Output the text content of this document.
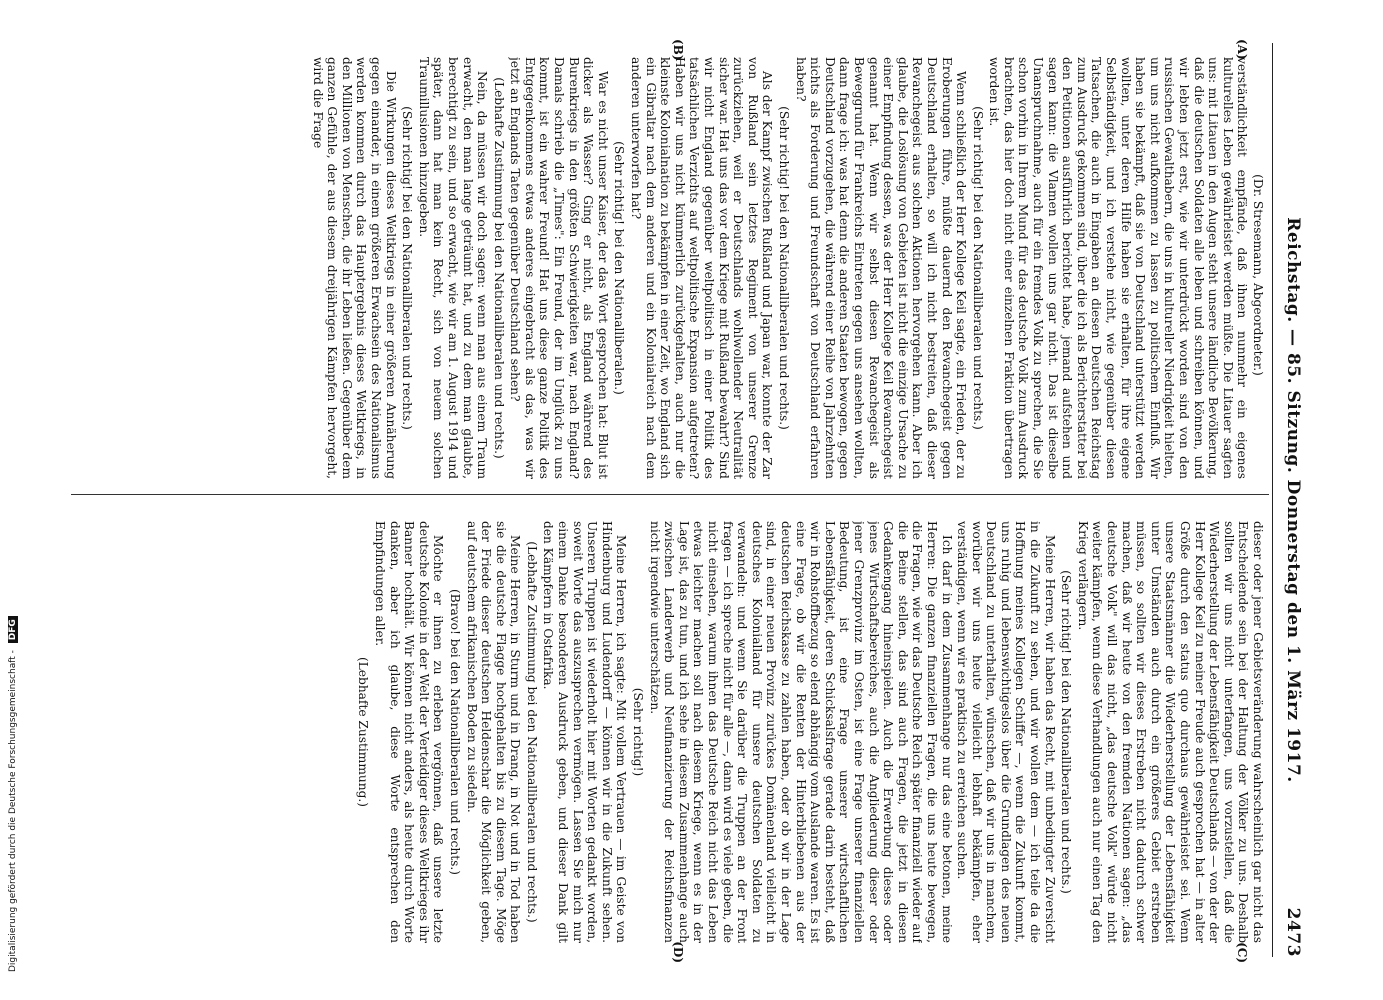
Reichstag. — 85. Sitzung. Donnerstag den 1. März 1917.
2473
(A)
(B)
(C)
(D)

(Dr. Stresemann, Abgeordneter.)

verständlichkeit empfände, daß ihnen nunmehr ein eigenes kulturelles Leben gewährleistet werden müßte. Die Litauer sagten uns: mit Litauen in den Augen steht unsere ländliche Bevölkerung, daß die deutschen Soldaten alle leben und schreiben können, und wir lebten jetzt erst, wie wir unterdrückt worden sind von den russischen Gewalthabern, die uns in kultureller Niedrigkeit hielten, um uns nicht aufkommen zu lassen zu politischem Einfluß. Wir haben sie bekämpft, daß sie von Deutschland unterstützt werden wollten, unter deren Hilfe haben sie erhalten, für ihre eigene Selbständigkeit, und ich verstehe nicht, wie gegenüber diesen Tatsachen, die auch in Eingaben an diesen Deutschen Reichstag zum Ausdruck gekommen sind, über die ich als Berichterstatter bei den Petitionen ausführlich berichtet habe, jemand aufstehen und sagen kann: die Vlamen wollen uns gar nicht. Das ist dieselbe Unanspruchnahme, auch für ein fremdes Volk zu sprechen, die Sie schon vorhin in Ihrem Mund für das deutsche Volk zum Ausdruck brachten, das hier doch nicht einer einzelnen Fraktion übertragen worden ist.

(Sehr richtig! bei den Nationalliberalen und rechts.)

Wenn schließlich der Herr Kollege Keil sagte, ein Frieden, der zu Eroberungen führe, müßte dauernd den Revanchegeist gegen Deutschland erhalten, so will ich nicht bestreiten, daß dieser Revanchegeist aus solchen Aktionen hervorgehen kann. Aber ich glaube, die Loslösung von Gebieten ist nicht die einzige Ursache zu einer Empfindung dessen, was der Herr Kollege Keil Revanchegeist genannt hat. Wenn wir selbst diesen Revanchegeist als Beweggrund für Frankreichs Eintreten gegen uns ansehen wollten, dann frage ich: was hat denn die anderen Staaten bewogen, gegen Deutschland vorzugehen, die während einer Reihe von Jahrzehnten nichts als Forderung und Freundschaft von Deutschland erfahren haben?

(Sehr richtig! bei den Nationalliberalen und rechts.)

Als der Kampf zwischen Rußland und Japan war, konnte der Zar von Rußland sein letztes Regiment von unserer Grenze zurückziehen, weil er Deutschlands wohlwollender Neutralität sicher war. Hat uns das vor dem Kriege mit Rußland bewahrt? Sind wir nicht England gegenüber weltpolitisch in einer Politik des tatsächlichen Verzichts auf weltpolitische Expansion aufgetreten? Haben wir uns nicht kümmerlich zurückgehalten, auch nur die kleinste Kolonialnation zu bekämpfen in einer Zeit, wo England sich ein Gibraltar nach dem anderen und ein Kolonialreich nach dem anderen unterworfen hat?

(Sehr richtig! bei den Nationalliberalen.)

War es nicht unser Kaiser, der das Wort gesprochen hat: Blut ist dicker als Wasser? Ging er nicht, als England während des Burenkriegs in den größten Schwierigkeiten war, nach England? Damals schrieb die „Times": Ein Freund, der im Unglück zu uns kommt, ist ein wahrer Freund! Hat uns diese ganze Politik des Entgegenkommens etwas anderes eingebracht als das, was wir jetzt an Englands Taten gegenüber Deutschland sehen?

(Lebhafte Zustimmung bei den Nationalliberalen und rechts.)

Nein, da müssen wir doch sagen: wenn man aus einem Traum erwacht, den man lange geträumt hat, und zu dem man glaubte, berechtigt zu sein, und so erwacht, wie wir am 1. August 1914 und später, dann hat man kein Recht, sich von neuem solchen Traumillusionen hinzugeben.

(Sehr richtig! bei den Nationalliberalen und rechts.)

Die Wirkungen dieses Weltkriegs in einer größeren Annäherung gegen einander, in einem größeren Erwachsein des Nationalismus werden kommen durch das Hauptergebnis dieses Weltkriegs, in den Millionen von Menschen, die ihr Leben ließen. Gegenüber dem ganzen Gefühle, der aus diesem dreijährigen Kämpfen hervorgeht, wird die Frage

dieser oder jener Gebietsveränderung wahrscheinlich gar nicht das Entscheidende sein bei der Haltung der Völker zu uns. Deshalb sollten wir uns nicht unterfangen, uns vorzustellen, daß die Wiederherstellung der Lebensfähigkeit Deutschlands — von der der Herr Kollege Keil zu meiner Freude auch gesprochen hat — in alter Größe durch den status quo durchaus gewährleistet sei. Wenn unsere Staatsmänner die Wiederherstellung der Lebensfähigkeit unter Umständen auch durch ein größeres Gebiet erstreben müssen, so sollten wir dieses Erstreben nicht dadurch schwer machen, daß wir heute von den fremden Nationen sagen: „das deutsche Volk" will das nicht, „das deutsche Volk" würde nicht weiter kämpfen, wenn diese Verhandlungen auch nur einen Tag den Krieg verlängern.

(Sehr richtig! bei den Nationalliberalen und rechts.)

Meine Herren, wir haben das Recht, mit unbedingter Zuversicht in die Zukunft zu sehen, und wir wollen dem — ich teile da die Hoffnung meines Kollegen Schiffer —, wenn die Zukunft kommt, uns ruhig und lebenswichtigeslos über die Grundlagen des neuen Deutschland zu unterhalten, wünschen, daß wir uns in manchem, worüber wir uns heute vielleicht lebhaft bekämpfen, eher verständigen, wenn wir es praktisch zu erreichen suchen.

Ich darf in dem Zusammenhange nur das eine betonen, meine Herren: Die ganzen finanziellen Fragen, die uns heute bewegen, die Fragen, wie wir das Deutsche Reich später finanziell wieder auf die Beine stellen, das sind auch Fragen, die jetzt in diesen Gedankengang hineinspielen. Auch die Erwerbung dieses oder jenes Wirtschaftsbereiches, auch die Angliederung dieser oder jener Grenzprovinz im Osten, ist eine Frage unserer finanziellen Bedeutung, ist eine Frage unserer wirtschaftlichen Lebensfähigkeit, deren Schicksalsfrage gerade darin besteht, daß wir in Rohstoffbezug so elend abhängig vom Auslande waren. Es ist eine Frage, ob wir die Renten der Hinterbliebenen aus der deutschen Reichskasse zu zahlen haben, oder ob wir in der Lage sind, in einer neuen Provinz zurückes Domänenland vielleicht in deutsches Kolonialland für unsere deutschen Soldaten zu verwandeln: und wenn Sie darüber die Truppen an der Front fragen — ich spreche nicht für alle —, dann wird es viele geben, die nicht einsehen, warum ihnen das Deutsche Reich nicht das Leben etwas leichter machen soll nach diesem Kriege, wenn es in der Lage ist, das zu tun, und ich sehe in diesem Zusammenhange auch zwischen Landerwerb und Neufinanzierung der Reichsfinanzen nicht irgendwie unterschätzen.

(Sehr richtig!)

Meine Herren, ich sagte: Mit vollem Vertrauen — im Geiste von Hindenburg und Ludendorff — können wir in die Zukunft sehen. Unseren Truppen ist wiederholt hier mit Worten gedankt worden, soweit Worte das auszusprechen vermögen. Lassen Sie mich nur einem Danke besonderen Ausdruck geben, und dieser Dank gilt den Kämpfern in Ostafrika.

(Lebhafte Zustimmung bei den Nationalliberalen und rechts.)

Meine Herren, in Sturm und in Drang, in Not und in Tod haben sie die deutsche Flagge hochgehalten bis zu diesem Tage. Möge der Friede dieser deutschen Heldenschar die Möglichkeit geben, auf deutschem afrikanischen Boden zu siedeln.

(Bravo! bei den Nationalliberalen und rechts.)

Möchte er ihnen zu erleben vergönnen, daß unsere letzte deutsche Kolonie in der Welt der Verteidiger dieses Weltkrieges ihr Banner hochhält. Wir können nicht anders, als heute durch Worte danken, aber ich glaube, diese Worte entsprechen den Empfindungen aller.

(Lebhafte Zustimmung.)

Digitalisierung gefördert durch die Deutsche Forschungsgemeinschaft - DFG
